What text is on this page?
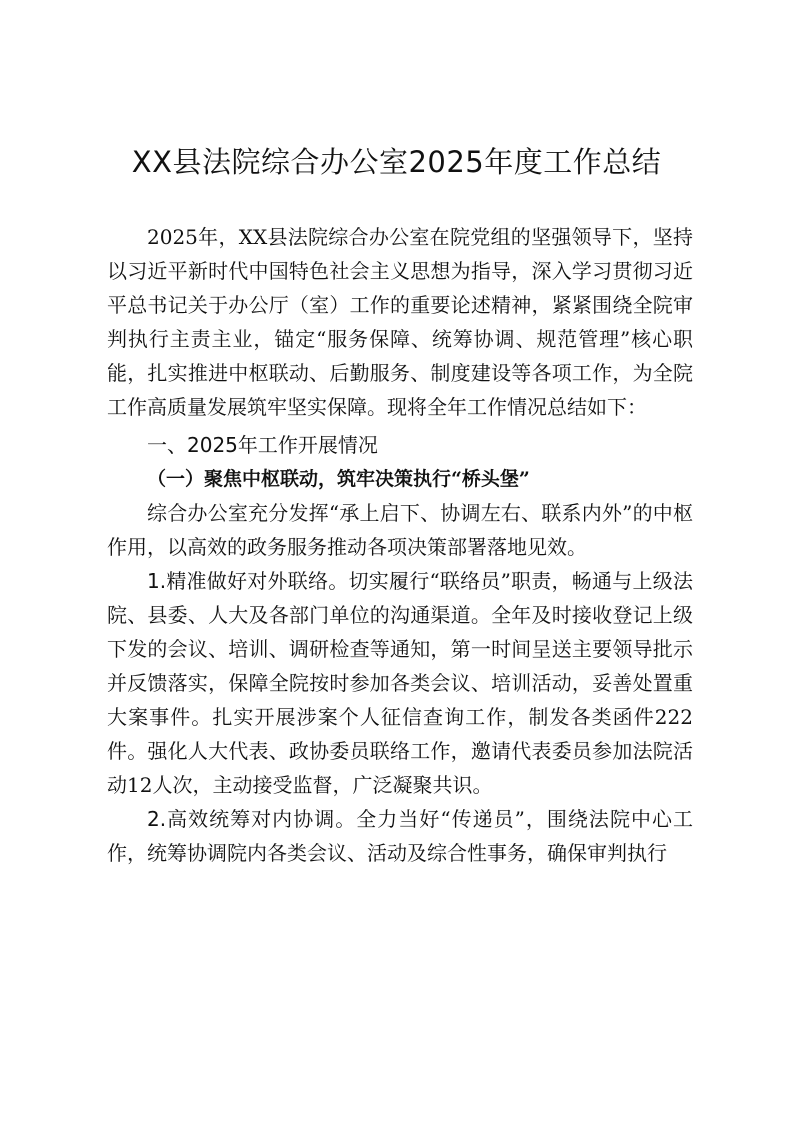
XX县法院综合办公室2025年度工作总结

2025年，XX县法院综合办公室在院党组的坚强领导下，坚持以习近平新时代中国特色社会主义思想为指导，深入学习贯彻习近平总书记关于办公厅（室）工作的重要论述精神，紧紧围绕全院审判执行主责主业，锚定“服务保障、统筹协调、规范管理”核心职能，扎实推进中枢联动、后勤服务、制度建设等各项工作，为全院工作高质量发展筑牢坚实保障。现将全年工作情况总结如下：

一、2025年工作开展情况

（一）聚焦中枢联动，筑牢决策执行“桥头堡”

综合办公室充分发挥“承上启下、协调左右、联系内外”的中枢作用，以高效的政务服务推动各项决策部署落地见效。

1.精准做好对外联络。切实履行“联络员”职责，畅通与上级法院、县委、人大及各部门单位的沟通渠道。全年及时接收登记上级下发的会议、培训、调研检查等通知，第一时间呈送主要领导批示并反馈落实，保障全院按时参加各类会议、培训活动，妥善处置重大案事件。扎实开展涉案个人征信查询工作，制发各类函件222件。强化人大代表、政协委员联络工作，邀请代表委员参加法院活动12人次，主动接受监督，广泛凝聚共识。

2.高效统筹对内协调。全力当好“传递员”，围绕法院中心工作，统筹协调院内各类会议、活动及综合性事务，确保审判执行
